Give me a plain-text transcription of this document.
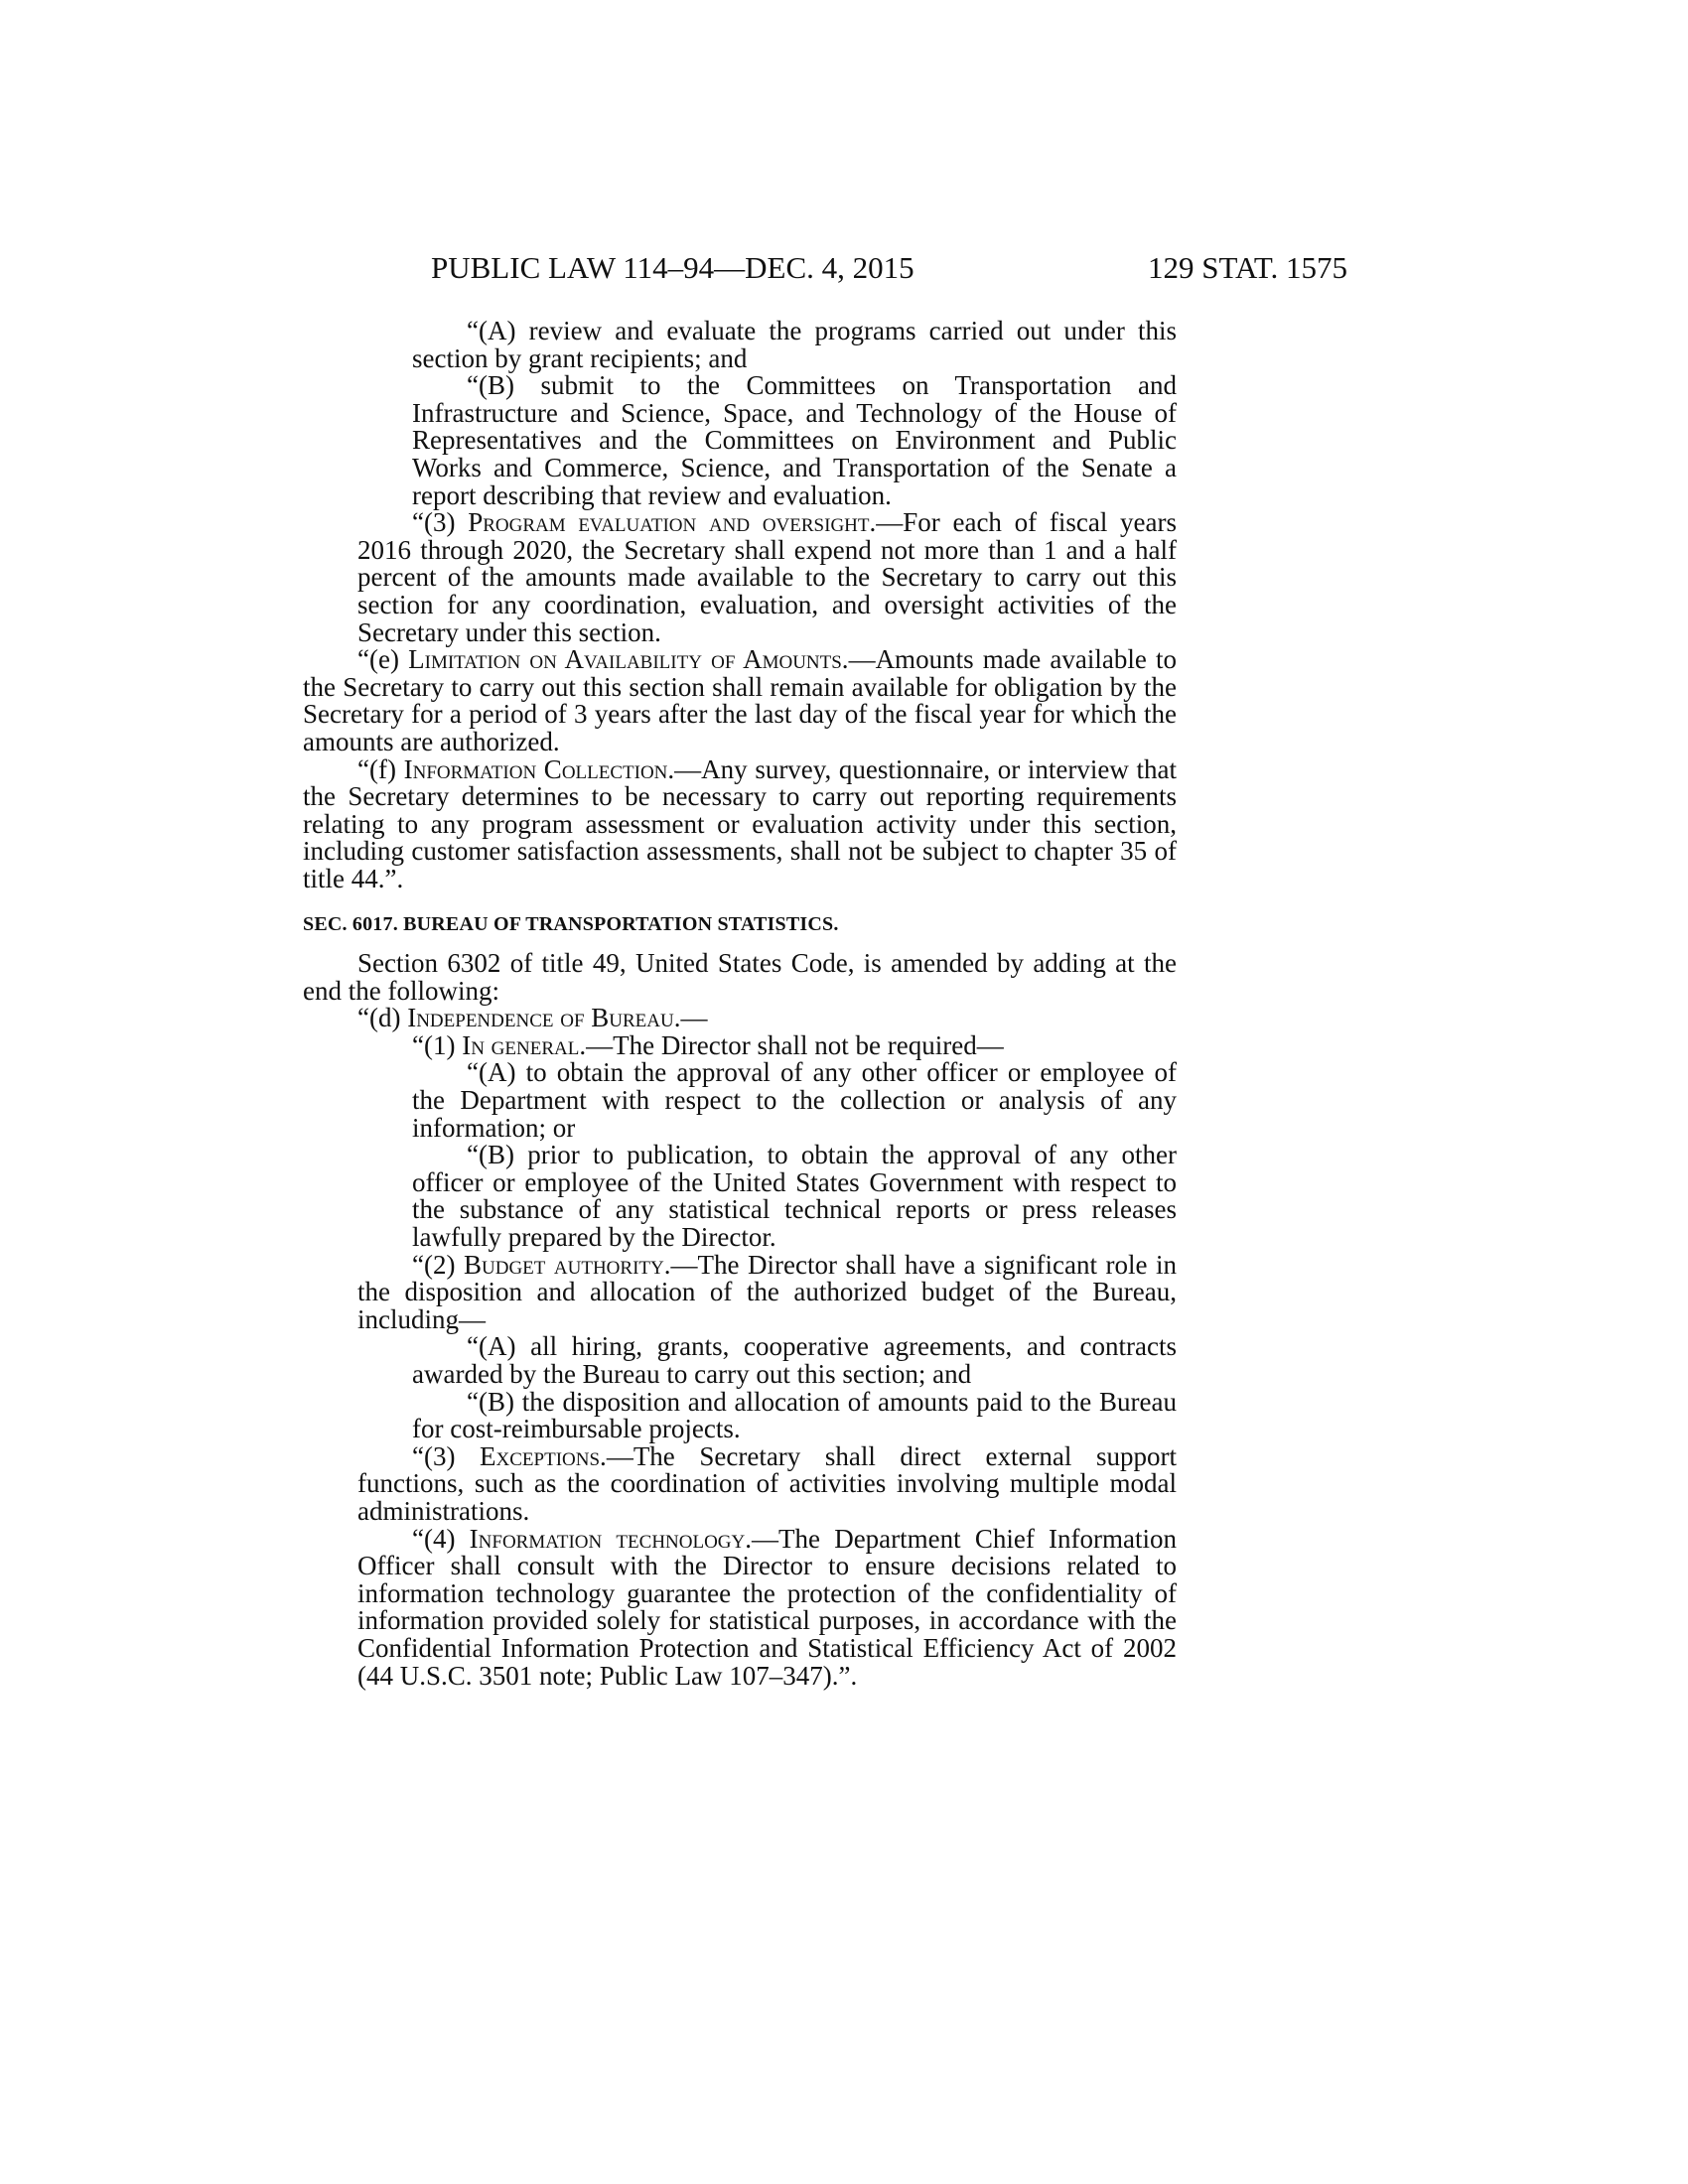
PUBLIC LAW 114–94—DEC. 4, 2015	129 STAT. 1575

“(A) review and evaluate the programs carried out under this section by grant recipients; and

“(B) submit to the Committees on Transportation and Infrastructure and Science, Space, and Technology of the House of Representatives and the Committees on Environment and Public Works and Commerce, Science, and Transportation of the Senate a report describing that review and evaluation.

“(3) Program evaluation and oversight.—For each of fiscal years 2016 through 2020, the Secretary shall expend not more than 1 and a half percent of the amounts made available to the Secretary to carry out this section for any coordination, evaluation, and oversight activities of the Secretary under this section.

“(e) Limitation on Availability of Amounts.—Amounts made available to the Secretary to carry out this section shall remain available for obligation by the Secretary for a period of 3 years after the last day of the fiscal year for which the amounts are authorized.

“(f) Information Collection.—Any survey, questionnaire, or interview that the Secretary determines to be necessary to carry out reporting requirements relating to any program assessment or evaluation activity under this section, including customer satisfaction assessments, shall not be subject to chapter 35 of title 44.”.

SEC. 6017. BUREAU OF TRANSPORTATION STATISTICS.

Section 6302 of title 49, United States Code, is amended by adding at the end the following:

“(d) Independence of Bureau.—

“(1) In general.—The Director shall not be required—

“(A) to obtain the approval of any other officer or employee of the Department with respect to the collection or analysis of any information; or

“(B) prior to publication, to obtain the approval of any other officer or employee of the United States Government with respect to the substance of any statistical technical reports or press releases lawfully prepared by the Director.

“(2) Budget authority.—The Director shall have a significant role in the disposition and allocation of the authorized budget of the Bureau, including—

“(A) all hiring, grants, cooperative agreements, and contracts awarded by the Bureau to carry out this section; and

“(B) the disposition and allocation of amounts paid to the Bureau for cost-reimbursable projects.

“(3) Exceptions.—The Secretary shall direct external support functions, such as the coordination of activities involving multiple modal administrations.

“(4) Information technology.—The Department Chief Information Officer shall consult with the Director to ensure decisions related to information technology guarantee the protection of the confidentiality of information provided solely for statistical purposes, in accordance with the Confidential Information Protection and Statistical Efficiency Act of 2002 (44 U.S.C. 3501 note; Public Law 107–347).”.
